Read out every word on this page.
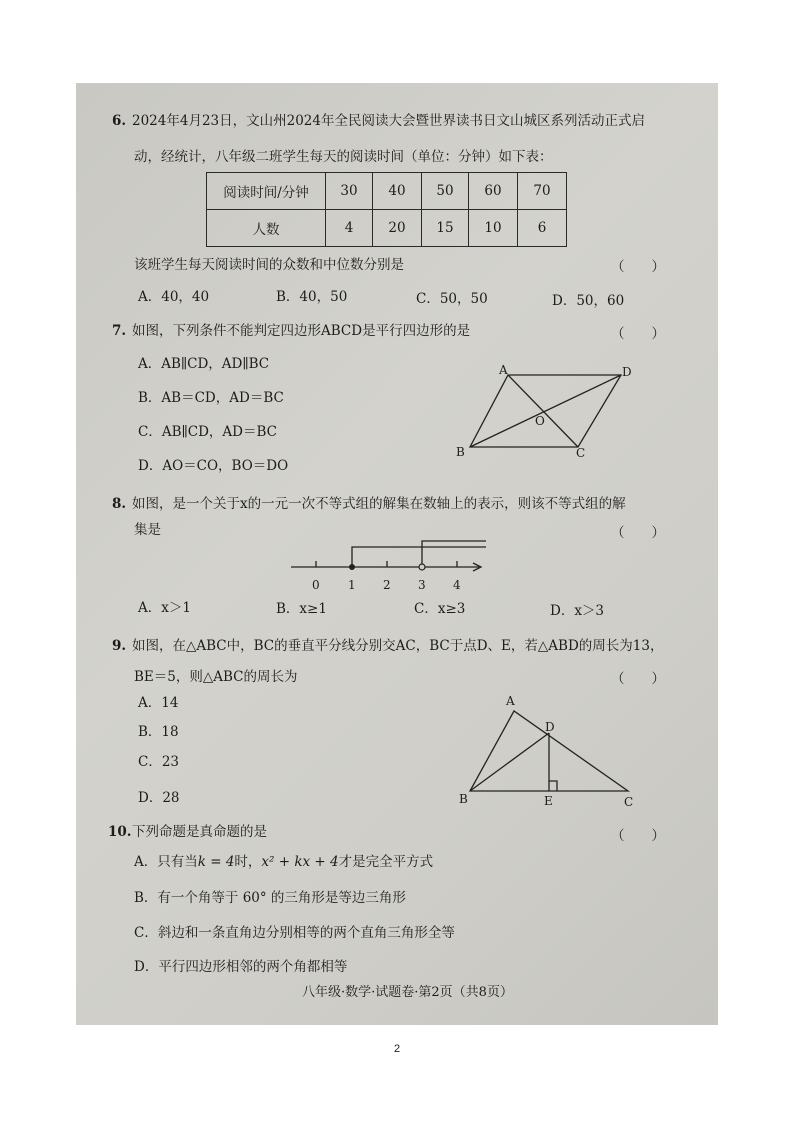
6. 2024年4月23日，文山州2024年全民阅读大会暨世界读书日文山城区系列活动正式启
动，经统计，八年级二班学生每天的阅读时间（单位：分钟）如下表：
阅读时间/分钟	30	40	50	60	70
人数	4	20	15	10	6
该班学生每天阅读时间的众数和中位数分别是	（　　）
A．40，40	B．40，50	C．50，50	D．50，60
7. 如图，下列条件不能判定四边形ABCD是平行四边形的是	（　　）
A．AB∥CD，AD∥BC
B．AB＝CD，AD＝BC
C．AB∥CD，AD＝BC
D．AO＝CO，BO＝DO
A	D
O
B	C
8. 如图，是一个关于x的一元一次不等式组的解集在数轴上的表示，则该不等式组的解
集是	（　　）
0 1 2 3 4
A．x＞1	B．x≥1	C．x≥3	D．x＞3
9. 如图，在△ABC中，BC的垂直平分线分别交AC，BC于点D、E，若△ABD的周长为13，
BE＝5，则△ABC的周长为	（　　）
A．14
B．18
C．23
D．28
A
D
B	E	C
10. 下列命题是真命题的是	（　　）
A．只有当k = 4时，x² + kx + 4才是完全平方式
B．有一个角等于 60° 的三角形是等边三角形
C．斜边和一条直角边分别相等的两个直角三角形全等
D．平行四边形相邻的两个角都相等
八年级·数学·试题卷·第2页（共8页）
2
